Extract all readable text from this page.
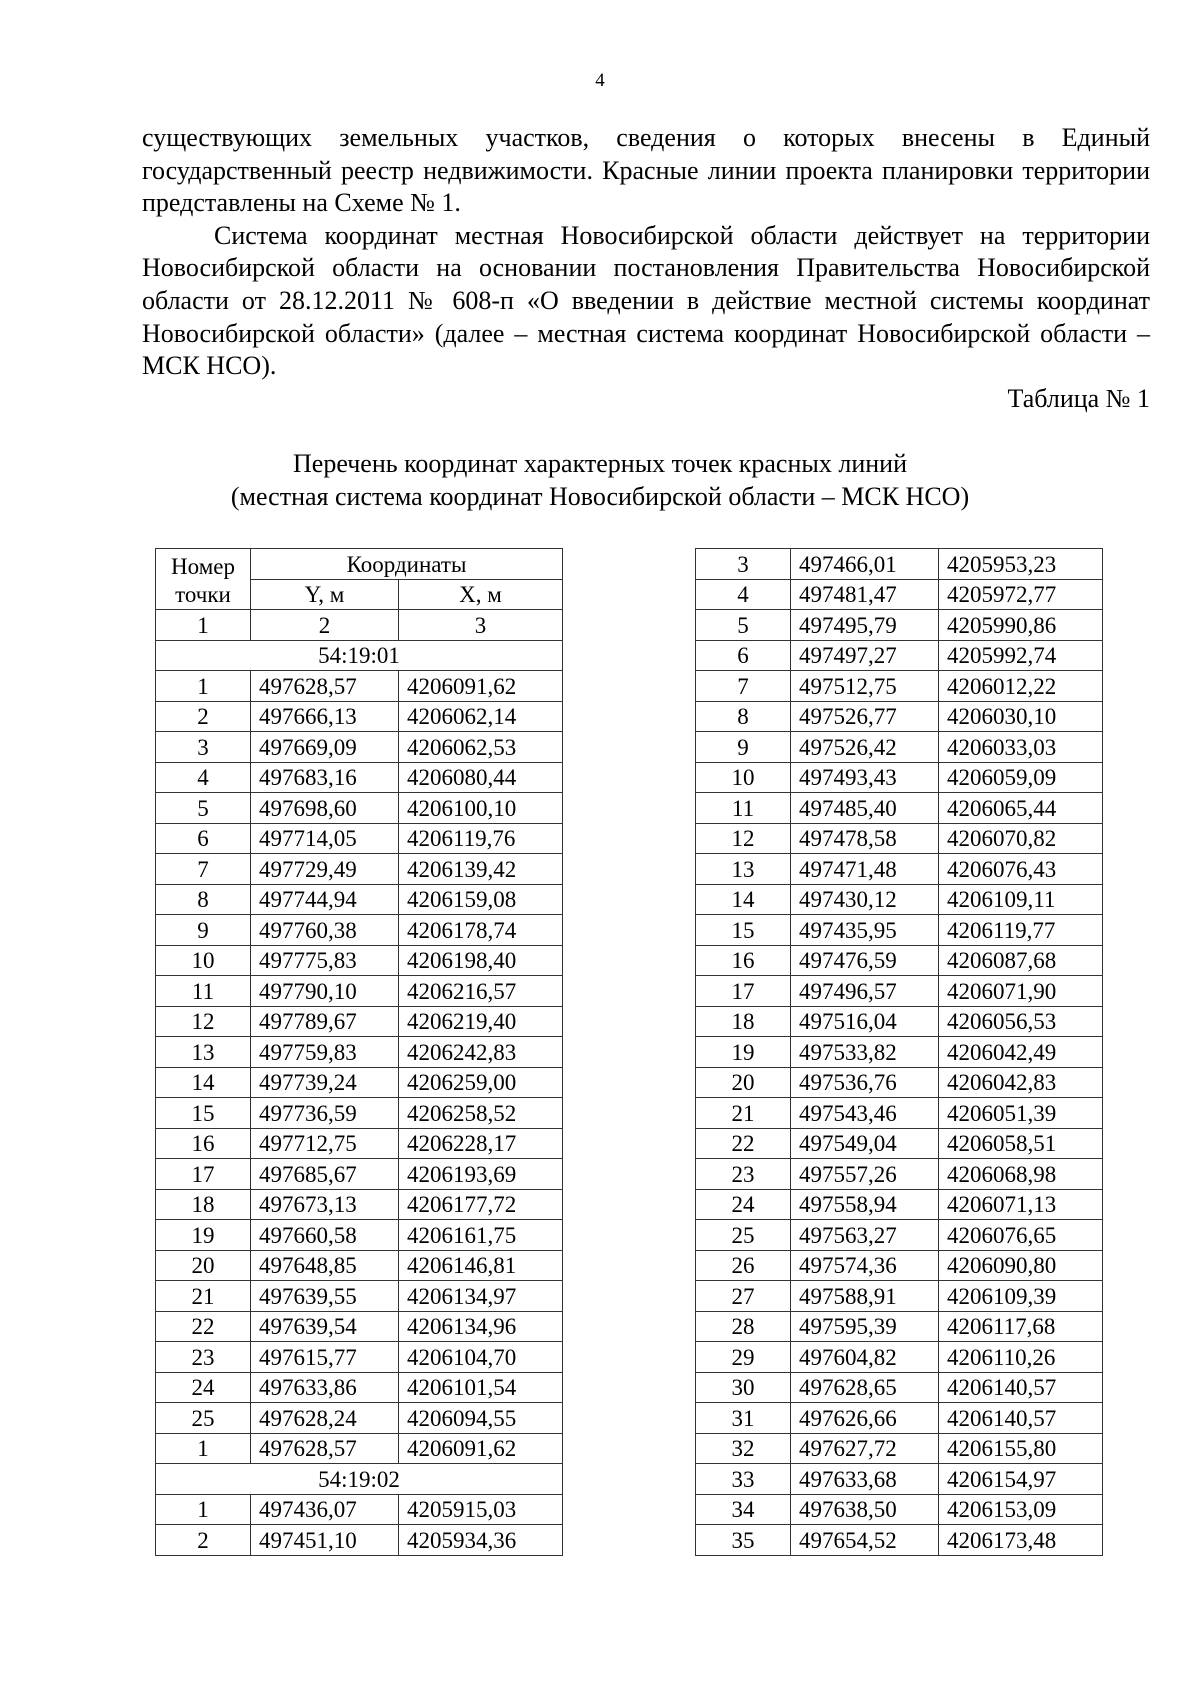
4

существующих земельных участков, сведения о которых внесены в Единый государственный реестр недвижимости. Красные линии проекта планировки территории представлены на Схеме № 1.

Система координат местная Новосибирской области действует на территории Новосибирской области на основании постановления Правительства Новосибирской области от 28.12.2011 № 608-п «О введении в действие местной системы координат Новосибирской области» (далее – местная система координат Новосибирской области – МСК НСО).

Таблица № 1

Перечень координат характерных точек красных линий
(местная система координат Новосибирской области – МСК НСО)
Номер точки	Координаты	
	Y, м	X, м
1	2	3
54:19:01		
1	497628,57	4206091,62
2	497666,13	4206062,14
3	497669,09	4206062,53
4	497683,16	4206080,44
5	497698,60	4206100,10
6	497714,05	4206119,76
7	497729,49	4206139,42
8	497744,94	4206159,08
9	497760,38	4206178,74
10	497775,83	4206198,40
11	497790,10	4206216,57
12	497789,67	4206219,40
13	497759,83	4206242,83
14	497739,24	4206259,00
15	497736,59	4206258,52
16	497712,75	4206228,17
17	497685,67	4206193,69
18	497673,13	4206177,72
19	497660,58	4206161,75
20	497648,85	4206146,81
21	497639,55	4206134,97
22	497639,54	4206134,96
23	497615,77	4206104,70
24	497633,86	4206101,54
25	497628,24	4206094,55
1	497628,57	4206091,62
54:19:02		
1	497436,07	4205915,03
2	497451,10	4205934,36
3	497466,01	4205953,23
4	497481,47	4205972,77
5	497495,79	4205990,86
6	497497,27	4205992,74
7	497512,75	4206012,22
8	497526,77	4206030,10
9	497526,42	4206033,03
10	497493,43	4206059,09
11	497485,40	4206065,44
12	497478,58	4206070,82
13	497471,48	4206076,43
14	497430,12	4206109,11
15	497435,95	4206119,77
16	497476,59	4206087,68
17	497496,57	4206071,90
18	497516,04	4206056,53
19	497533,82	4206042,49
20	497536,76	4206042,83
21	497543,46	4206051,39
22	497549,04	4206058,51
23	497557,26	4206068,98
24	497558,94	4206071,13
25	497563,27	4206076,65
26	497574,36	4206090,80
27	497588,91	4206109,39
28	497595,39	4206117,68
29	497604,82	4206110,26
30	497628,65	4206140,57
31	497626,66	4206140,57
32	497627,72	4206155,80
33	497633,68	4206154,97
34	497638,50	4206153,09
35	497654,52	4206173,48
